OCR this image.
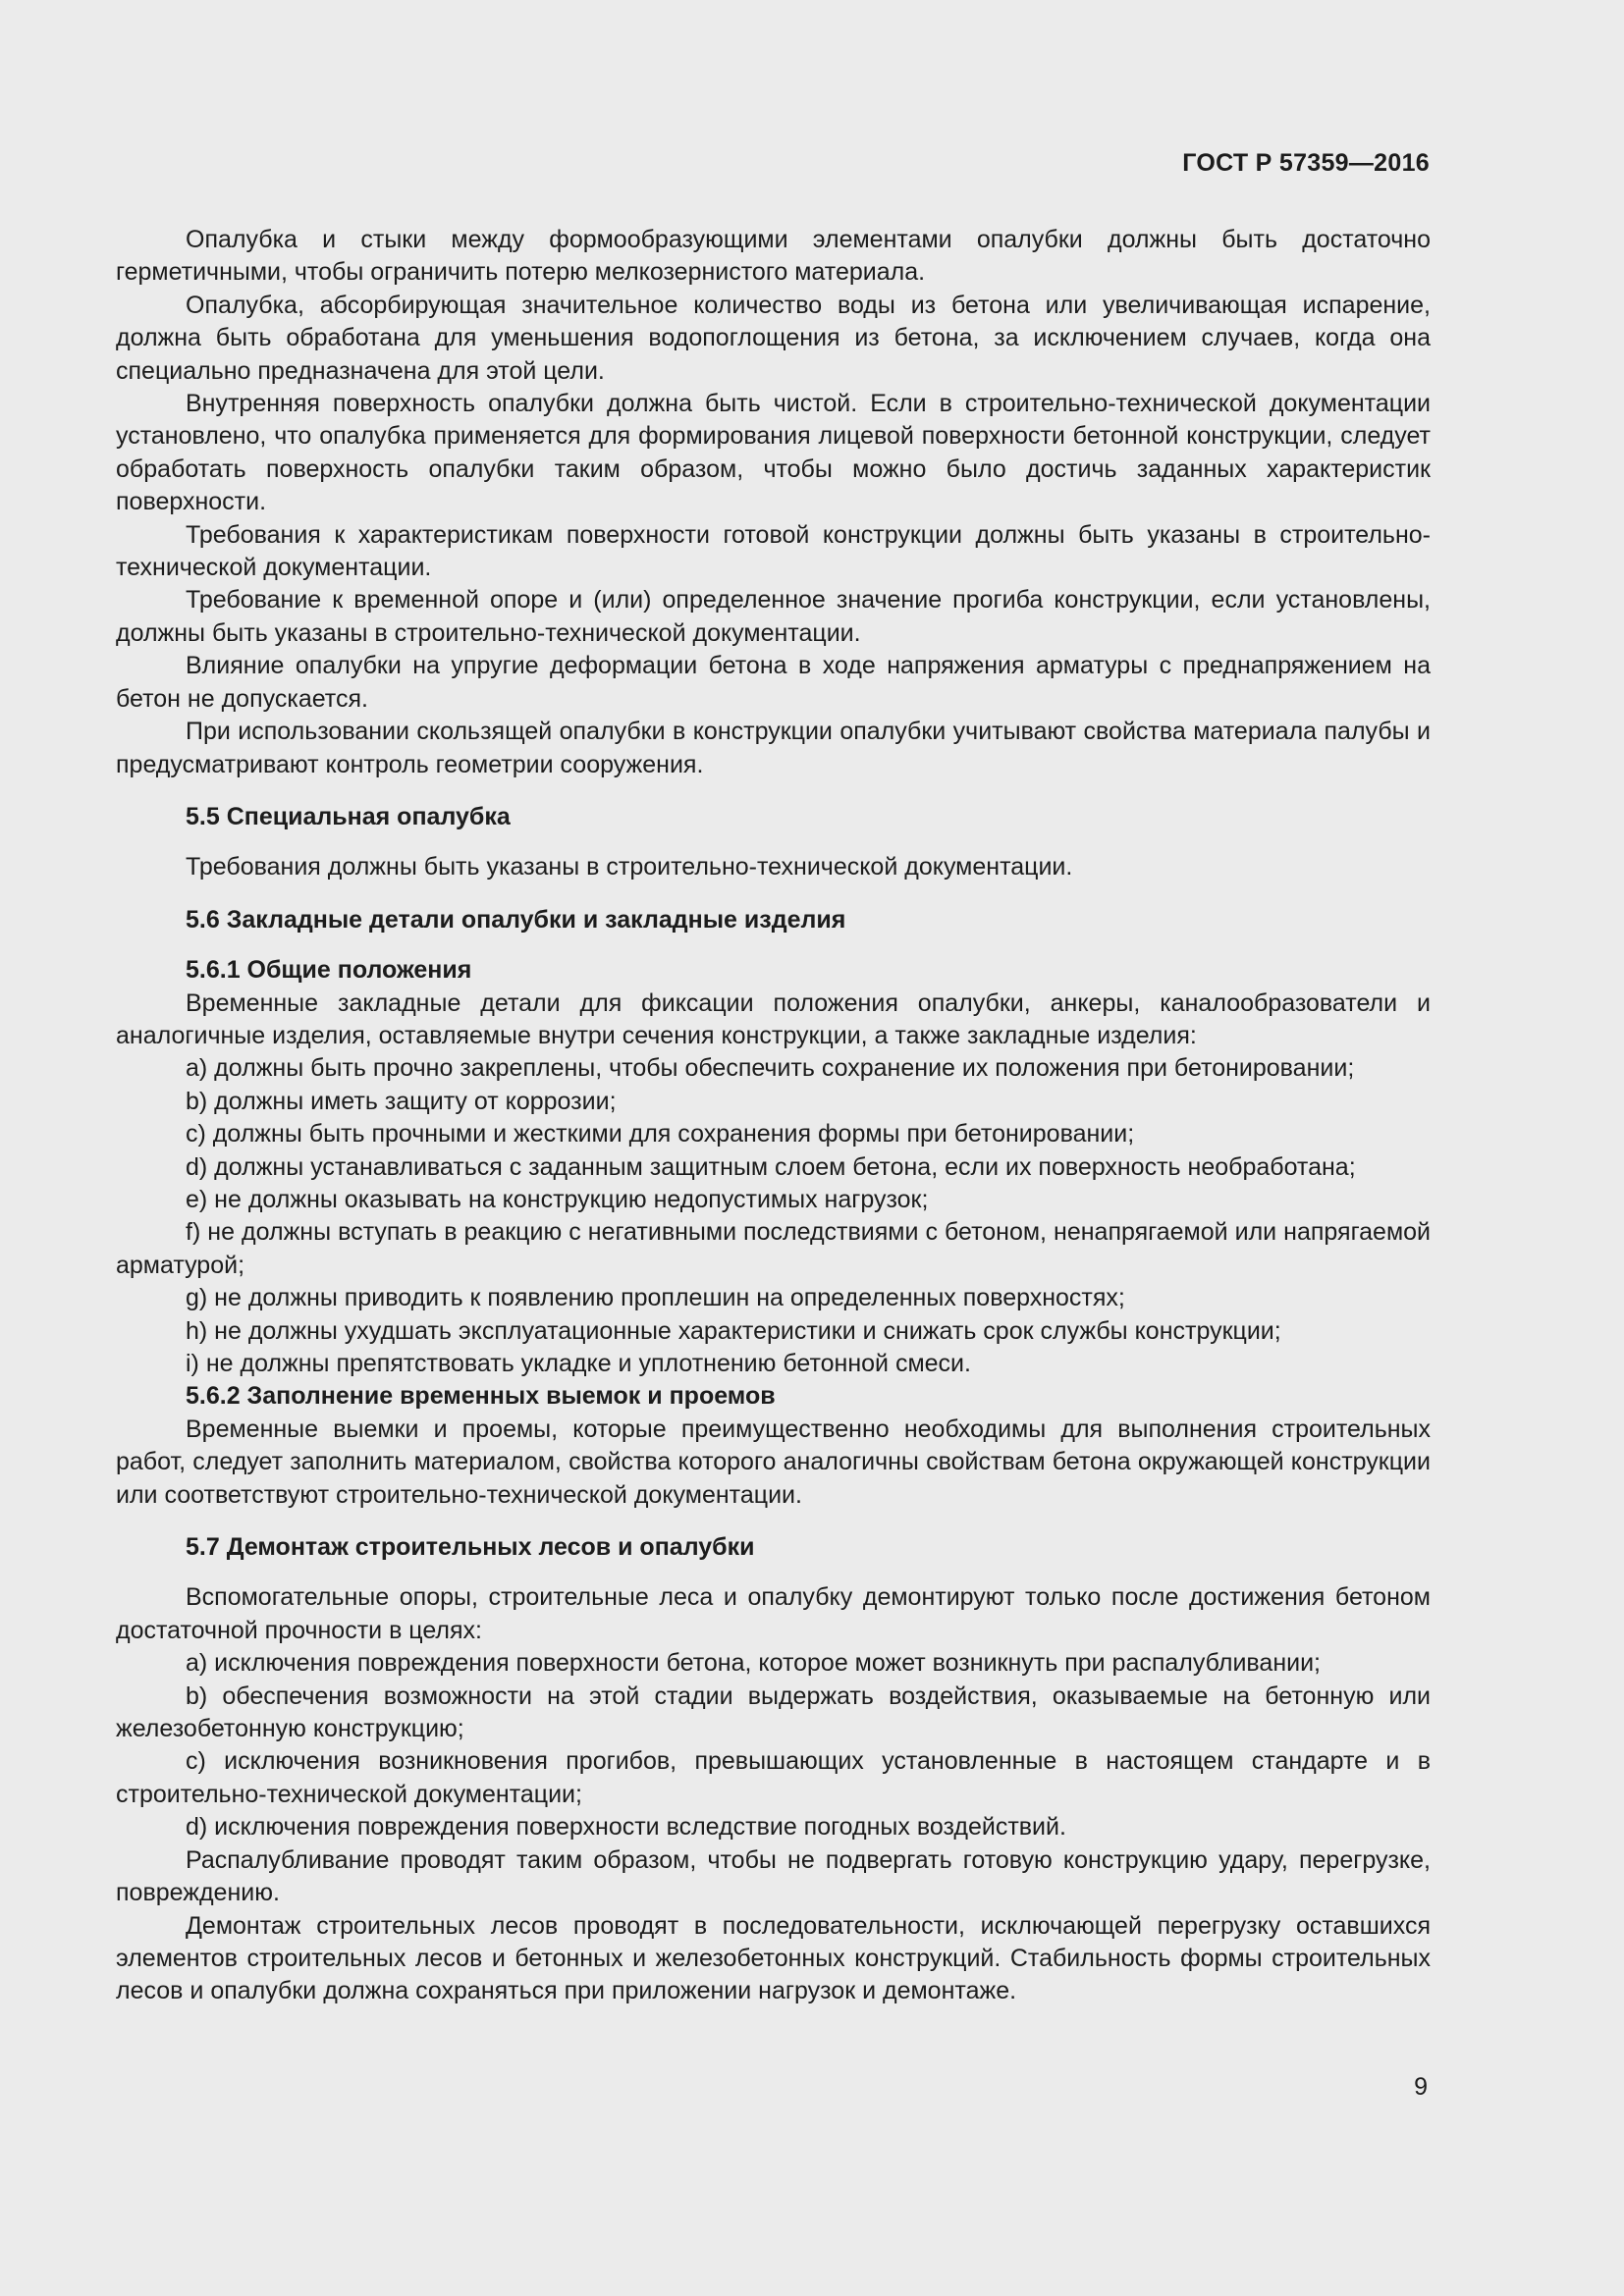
ГОСТ Р 57359—2016

Опалубка и стыки между формообразующими элементами опалубки должны быть достаточно герметичными, чтобы ограничить потерю мелкозернистого материала.

Опалубка, абсорбирующая значительное количество воды из бетона или увеличивающая испарение, должна быть обработана для уменьшения водопоглощения из бетона, за исключением случаев, когда она специально предназначена для этой цели.

Внутренняя поверхность опалубки должна быть чистой. Если в строительно-технической документации установлено, что опалубка применяется для формирования лицевой поверхности бетонной конструкции, следует обработать поверхность опалубки таким образом, чтобы можно было достичь заданных характеристик поверхности.

Требования к характеристикам поверхности готовой конструкции должны быть указаны в строительно-технической документации.

Требование к временной опоре и (или) определенное значение прогиба конструкции, если установлены, должны быть указаны в строительно-технической документации.

Влияние опалубки на упругие деформации бетона в ходе напряжения арматуры с преднапряжением на бетон не допускается.

При использовании скользящей опалубки в конструкции опалубки учитывают свойства материала палубы и предусматривают контроль геометрии сооружения.

5.5 Специальная опалубка

Требования должны быть указаны в строительно-технической документации.

5.6 Закладные детали опалубки и закладные изделия

5.6.1 Общие положения

Временные закладные детали для фиксации положения опалубки, анкеры, каналообразователи и аналогичные изделия, оставляемые внутри сечения конструкции, а также закладные изделия:

a) должны быть прочно закреплены, чтобы обеспечить сохранение их положения при бетонировании;

b) должны иметь защиту от коррозии;

c) должны быть прочными и жесткими для сохранения формы при бетонировании;

d) должны устанавливаться с заданным защитным слоем бетона, если их поверхность необработана;

e) не должны оказывать на конструкцию недопустимых нагрузок;

f) не должны вступать в реакцию с негативными последствиями с бетоном, ненапрягаемой или напрягаемой арматурой;

g) не должны приводить к появлению проплешин на определенных поверхностях;

h) не должны ухудшать эксплуатационные характеристики и снижать срок службы конструкции;

i) не должны препятствовать укладке и уплотнению бетонной смеси.

5.6.2 Заполнение временных выемок и проемов

Временные выемки и проемы, которые преимущественно необходимы для выполнения строительных работ, следует заполнить материалом, свойства которого аналогичны свойствам бетона окружающей конструкции или соответствуют строительно-технической документации.

5.7 Демонтаж строительных лесов и опалубки

Вспомогательные опоры, строительные леса и опалубку демонтируют только после достижения бетоном достаточной прочности в целях:

a) исключения повреждения поверхности бетона, которое может возникнуть при распалубливании;

b) обеспечения возможности на этой стадии выдержать воздействия, оказываемые на бетонную или железобетонную конструкцию;

c) исключения возникновения прогибов, превышающих установленные в настоящем стандарте и в строительно-технической документации;

d) исключения повреждения поверхности вследствие погодных воздействий.

Распалубливание проводят таким образом, чтобы не подвергать готовую конструкцию удару, перегрузке, повреждению.

Демонтаж строительных лесов проводят в последовательности, исключающей перегрузку оставшихся элементов строительных лесов и бетонных и железобетонных конструкций. Стабильность формы строительных лесов и опалубки должна сохраняться при приложении нагрузок и демонтаже.

9
